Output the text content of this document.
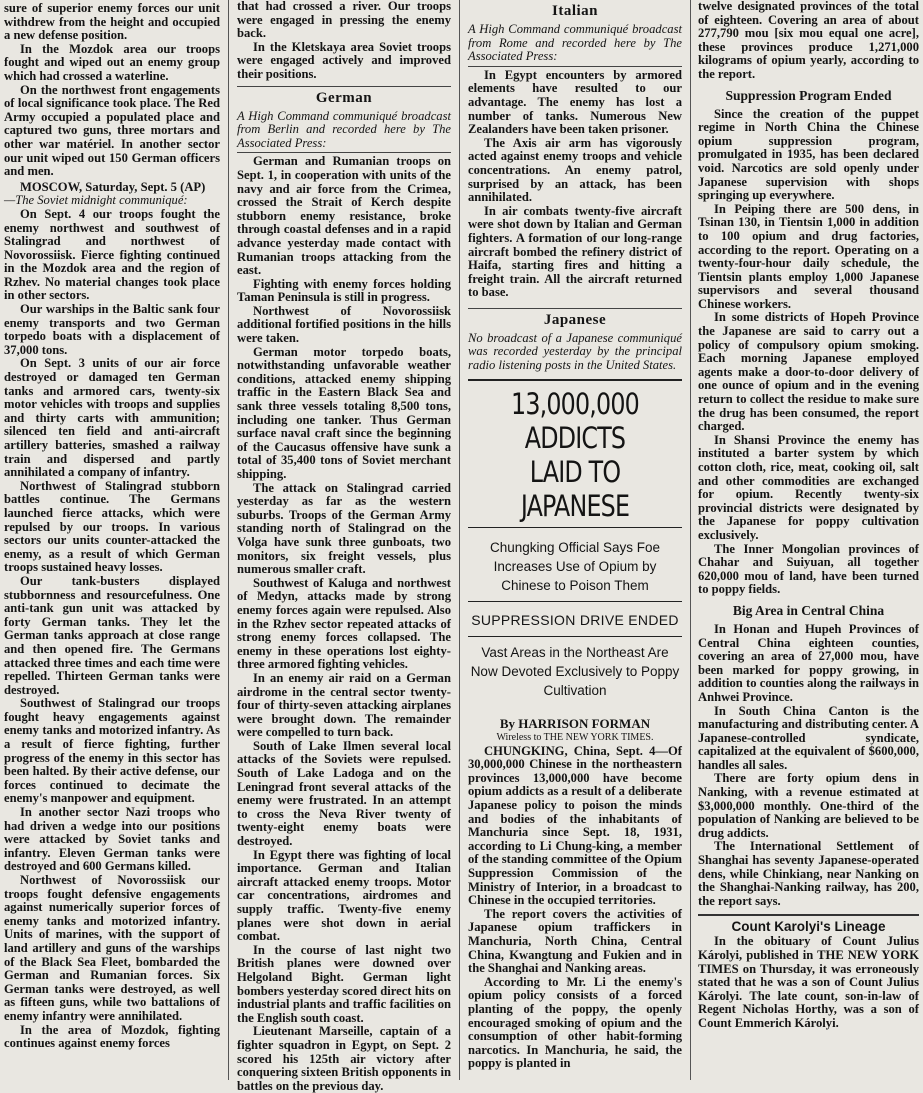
sure of superior enemy forces our unit withdrew from the height and occupied a new defense position.

In the Mozdok area our troops fought and wiped out an enemy group which had crossed a waterline.

On the northwest front engagements of local significance took place. The Red Army occupied a populated place and captured two guns, three mortars and other war matériel. In another sector our unit wiped out 150 German officers and men.

MOSCOW, Saturday, Sept. 5 (AP)

—The Soviet midnight communiqué:

On Sept. 4 our troops fought the enemy northwest and southwest of Stalingrad and northwest of Novorossiisk. Fierce fighting continued in the Mozdok area and the region of Rzhev. No material changes took place in other sectors.

Our warships in the Baltic sank four enemy transports and two German torpedo boats with a displacement of 37,000 tons.

On Sept. 3 units of our air force destroyed or damaged ten German tanks and armored cars, twenty-six motor vehicles with troops and supplies and thirty carts with ammunition; silenced ten field and anti-aircraft artillery batteries, smashed a railway train and dispersed and partly annihilated a company of infantry.

Northwest of Stalingrad stubborn battles continue. The Germans launched fierce attacks, which were repulsed by our troops. In various sectors our units counter-attacked the enemy, as a result of which German troops sustained heavy losses.

Our tank-busters displayed stubbornness and resourcefulness. One anti-tank gun unit was attacked by forty German tanks. They let the German tanks approach at close range and then opened fire. The Germans attacked three times and each time were repelled. Thirteen German tanks were destroyed.

Southwest of Stalingrad our troops fought heavy engagements against enemy tanks and motorized infantry. As a result of fierce fighting, further progress of the enemy in this sector has been halted. By their active defense, our forces continued to decimate the enemy's manpower and equipment.

In another sector Nazi troops who had driven a wedge into our positions were attacked by Soviet tanks and infantry. Eleven German tanks were destroyed and 600 Germans killed.

Northwest of Novorossiisk our troops fought defensive engagements against numerically superior forces of enemy tanks and motorized infantry. Units of marines, with the support of land artillery and guns of the warships of the Black Sea Fleet, bombarded the German and Rumanian forces. Six German tanks were destroyed, as well as fifteen guns, while two battalions of enemy infantry were annihilated.

In the area of Mozdok, fighting continues against enemy forces

that had crossed a river. Our troops were engaged in pressing the enemy back.

In the Kletskaya area Soviet troops were engaged actively and improved their positions.

German

A High Command communiqué broadcast from Berlin and recorded here by The Associated Press:

German and Rumanian troops on Sept. 1, in cooperation with units of the navy and air force from the Crimea, crossed the Strait of Kerch despite stubborn enemy resistance, broke through coastal defenses and in a rapid advance yesterday made contact with Rumanian troops attacking from the east.

Fighting with enemy forces holding Taman Peninsula is still in progress.

Northwest of Novorossiisk additional fortified positions in the hills were taken.

German motor torpedo boats, notwithstanding unfavorable weather conditions, attacked enemy shipping traffic in the Eastern Black Sea and sank three vessels totaling 8,500 tons, including one tanker. Thus German surface naval craft since the beginning of the Caucasus offensive have sunk a total of 35,400 tons of Soviet merchant shipping.

The attack on Stalingrad carried yesterday as far as the western suburbs. Troops of the German Army standing north of Stalingrad on the Volga have sunk three gunboats, two monitors, six freight vessels, plus numerous smaller craft.

Southwest of Kaluga and northwest of Medyn, attacks made by strong enemy forces again were repulsed. Also in the Rzhev sector repeated attacks of strong enemy forces collapsed. The enemy in these operations lost eighty-three armored fighting vehicles.

In an enemy air raid on a German airdrome in the central sector twenty-four of thirty-seven attacking airplanes were brought down. The remainder were compelled to turn back.

South of Lake Ilmen several local attacks of the Soviets were repulsed. South of Lake Ladoga and on the Leningrad front several attacks of the enemy were frustrated. In an attempt to cross the Neva River twenty of twenty-eight enemy boats were destroyed.

In Egypt there was fighting of local importance. German and Italian aircraft attacked enemy troops. Motor car concentrations, airdromes and supply traffic. Twenty-five enemy planes were shot down in aerial combat.

In the course of last night two British planes were downed over Helgoland Bight. German light bombers yesterday scored direct hits on industrial plants and traffic facilities on the English south coast.

Lieutenant Marseille, captain of a fighter squadron in Egypt, on Sept. 2 scored his 125th air victory after conquering sixteen British opponents in battles on the previous day.

Italian

A High Command communiqué broadcast from Rome and recorded here by The Associated Press:

In Egypt encounters by armored elements have resulted to our advantage. The enemy has lost a number of tanks. Numerous New Zealanders have been taken prisoner.

The Axis air arm has vigorously acted against enemy troops and vehicle concentrations. An enemy patrol, surprised by an attack, has been annihilated.

In air combats twenty-five aircraft were shot down by Italian and German fighters. A formation of our long-range aircraft bombed the refinery district of Haifa, starting fires and hitting a freight train. All the aircraft returned to base.

Japanese

No broadcast of a Japanese communiqué was recorded yesterday by the principal radio listening posts in the United States.

13,000,000 ADDICTS
LAID TO JAPANESE
Chungking Official Says Foe Increases Use of Opium by Chinese to Poison Them
SUPPRESSION DRIVE ENDED
Vast Areas in the Northeast Are Now Devoted Exclusively to Poppy Cultivation
By HARRISON FORMAN
Wireless to THE NEW YORK TIMES.

CHUNGKING, China, Sept. 4—Of 30,000,000 Chinese in the northeastern provinces 13,000,000 have become opium addicts as a result of a deliberate Japanese policy to poison the minds and bodies of the inhabitants of Manchuria since Sept. 18, 1931, according to Li Chung-king, a member of the standing committee of the Opium Suppression Commission of the Ministry of Interior, in a broadcast to Chinese in the occupied territories.

The report covers the activities of Japanese opium traffickers in Manchuria, North China, Central China, Kwangtung and Fukien and in the Shanghai and Nanking areas.

According to Mr. Li the enemy's opium policy consists of a forced planting of the poppy, the openly encouraged smoking of opium and the consumption of other habit-forming narcotics. In Manchuria, he said, the poppy is planted in

twelve designated provinces of the total of eighteen. Covering an area of about 277,790 mou [six mou equal one acre], these provinces produce 1,271,000 kilograms of opium yearly, according to the report.

Suppression Program Ended

Since the creation of the puppet regime in North China the Chinese opium suppression program, promulgated in 1935, has been declared void. Narcotics are sold openly under Japanese supervision with shops springing up everywhere.

In Peiping there are 500 dens, in Tsinan 130, in Tientsin 1,000 in addition to 100 opium and drug factories, according to the report. Operating on a twenty-four-hour daily schedule, the Tientsin plants employ 1,000 Japanese supervisors and several thousand Chinese workers.

In some districts of Hopeh Province the Japanese are said to carry out a policy of compulsory opium smoking. Each morning Japanese employed agents make a door-to-door delivery of one ounce of opium and in the evening return to collect the residue to make sure the drug has been consumed, the report charged.

In Shansi Province the enemy has instituted a barter system by which cotton cloth, rice, meat, cooking oil, salt and other commodities are exchanged for opium. Recently twenty-six provincial districts were designated by the Japanese for poppy cultivation exclusively.

The Inner Mongolian provinces of Chahar and Suiyuan, all together 620,000 mou of land, have been turned to poppy fields.

Big Area in Central China

In Honan and Hupeh Provinces of Central China eighteen counties, covering an area of 27,000 mou, have been marked for poppy growing, in addition to counties along the railways in Anhwei Province.

In South China Canton is the manufacturing and distributing center. A Japanese-controlled syndicate, capitalized at the equivalent of $600,000, handles all sales.

There are forty opium dens in Nanking, with a revenue estimated at $3,000,000 monthly. One-third of the population of Nanking are believed to be drug addicts.

The International Settlement of Shanghai has seventy Japanese-operated dens, while Chinkiang, near Nanking on the Shanghai-Nanking railway, has 200, the report says.

Count Karolyi's Lineage

In the obituary of Count Julius Károlyi, published in THE NEW YORK TIMES on Thursday, it was erroneously stated that he was a son of Count Julius Károlyi. The late count, son-in-law of Regent Nicholas Horthy, was a son of Count Emmerich Károlyi.
